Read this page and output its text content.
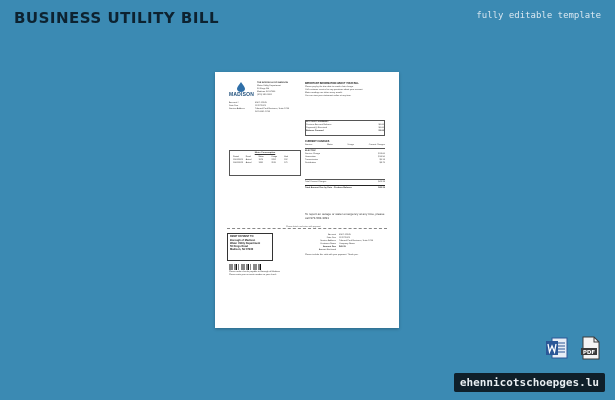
BUSINESS UTILITY BILL	fully editable template
MADISON
THE BOROUGH OF MADISON
Water Utility Department
50 Kings Rd
Madison NJ 07940
(973) 593-3091
Account #	4567-12345
Date Due	11/27/2023
Service Address	Tribunal Park Business, Suite 1234
NJ 10001-1234
IMPORTANT INFORMATION ABOUT YOUR BILL
Please pay by the due date to avoid a late charge.
Call customer service for any questions about your account.
Meter readings are taken every month.
You can view your statement online at any time.
ACCOUNT SUMMARY
Previous Account Balance	$0.00
Payment(s) Received	$0.00
Balance Forward	$0.00
CURRENT CHARGES
Service	Meter	Usage	Current Charges
ELECTRIC
Service Charge	$13.00
Generation	$16.50
Transmission	$5.14
Distribution	$8.75
Meter Consumption
Period	Read	Meter	Usage	Kwh
11/01/2023	Actual	3570	3762	192
10/01/2023	Actual	3391	3570	179
Total Current Charges	$43.39
Total Amount Due by Date - Produce Balance	$43.39
To report an outage or water emergency at any time, please call 973-593-3091
Please detach and return with payment
REMIT PAYMENT TO:
Borough of Madison
Water Utility Department
50 Kings Road
Madison, NJ 07940
Please make checks payable to Borough of Madison
Please write your account number on your check
Account	4567-12345
Date Due	11/27/2023
Service Address	Tribunal Park Business, Suite 1234
Customer Name	Company Name
Amount Due	$43.39
Amount Enclosed
Please include this stub with your payment. Thank you.
PDF
ehennicotschoepges.lu
